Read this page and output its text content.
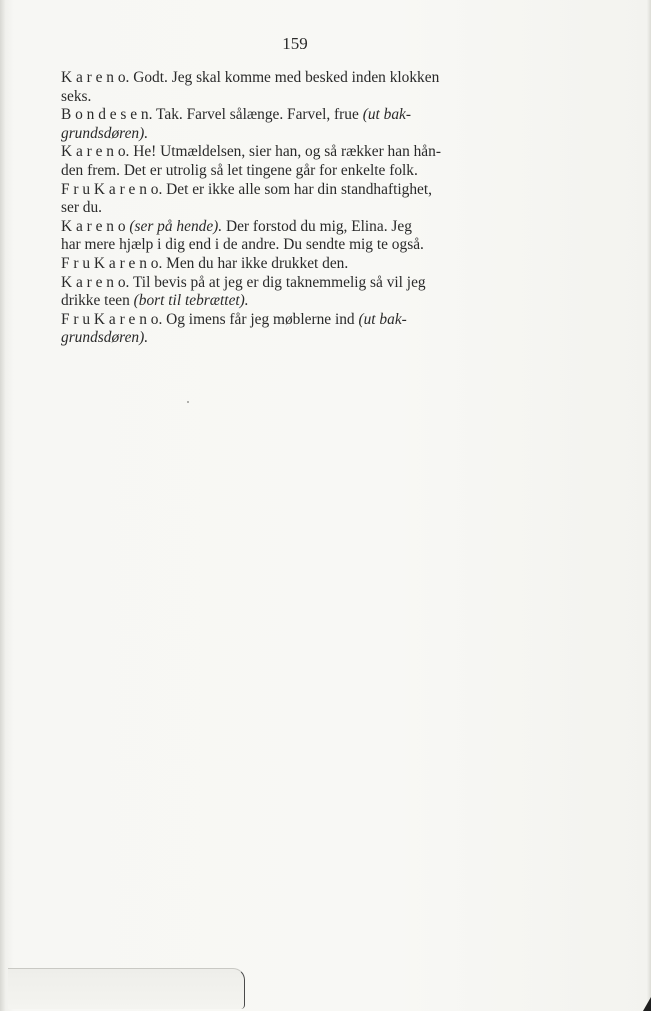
159

K a r e n o. Godt. Jeg skal komme med besked inden klokken
seks.

B o n d e s e n. Tak. Farvel sålænge. Farvel, frue (ut bak-
grundsdøren).

K a r e n o. He! Utmældelsen, sier han, og så rækker han hån-
den frem. Det er utrolig så let tingene går for enkelte folk.

F r u K a r e n o. Det er ikke alle som har din standhaftighet,
ser du.

K a r e n o (ser på hende). Der forstod du mig, Elina. Jeg
har mere hjælp i dig end i de andre. Du sendte mig te også.

F r u K a r e n o. Men du har ikke drukket den.

K a r e n o. Til bevis på at jeg er dig taknemmelig så vil jeg
drikke teen (bort til tebrættet).

F r u K a r e n o. Og imens får jeg møblerne ind (ut bak-
grundsdøren).
